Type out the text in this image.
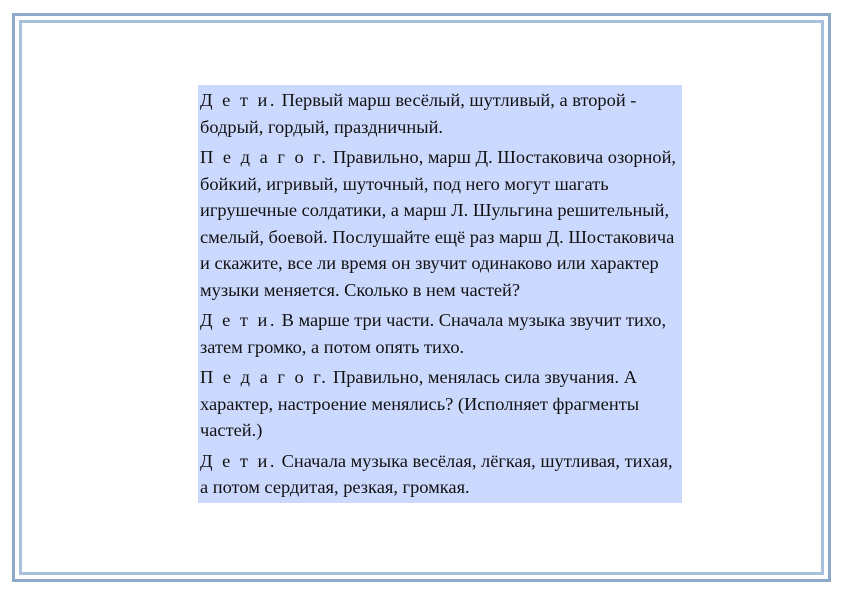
Д е т и. Первый марш весёлый, шутливый, а второй - бодрый, гордый, праздничный.

П е д а г о г. Правильно, марш Д. Шостаковича озорной, бойкий, игривый, шуточный, под него могут шагать игрушечные солдатики, а марш Л. Шульгина решительный, смелый, боевой. Послушайте ещё раз марш Д. Шостаковича и скажите, все ли время он звучит одинаково или характер музыки меняется. Сколько в нем частей?

Д е т и. В марше три части. Сначала музыка звучит тихо, затем громко, а потом опять тихо.

П е д а г о г. Правильно, менялась сила звучания. А характер, настроение менялись? (Исполняет фрагменты частей.)

Д е т и. Сначала музыка весёлая, лёгкая, шутливая, тихая, а потом сердитая, резкая, громкая.
